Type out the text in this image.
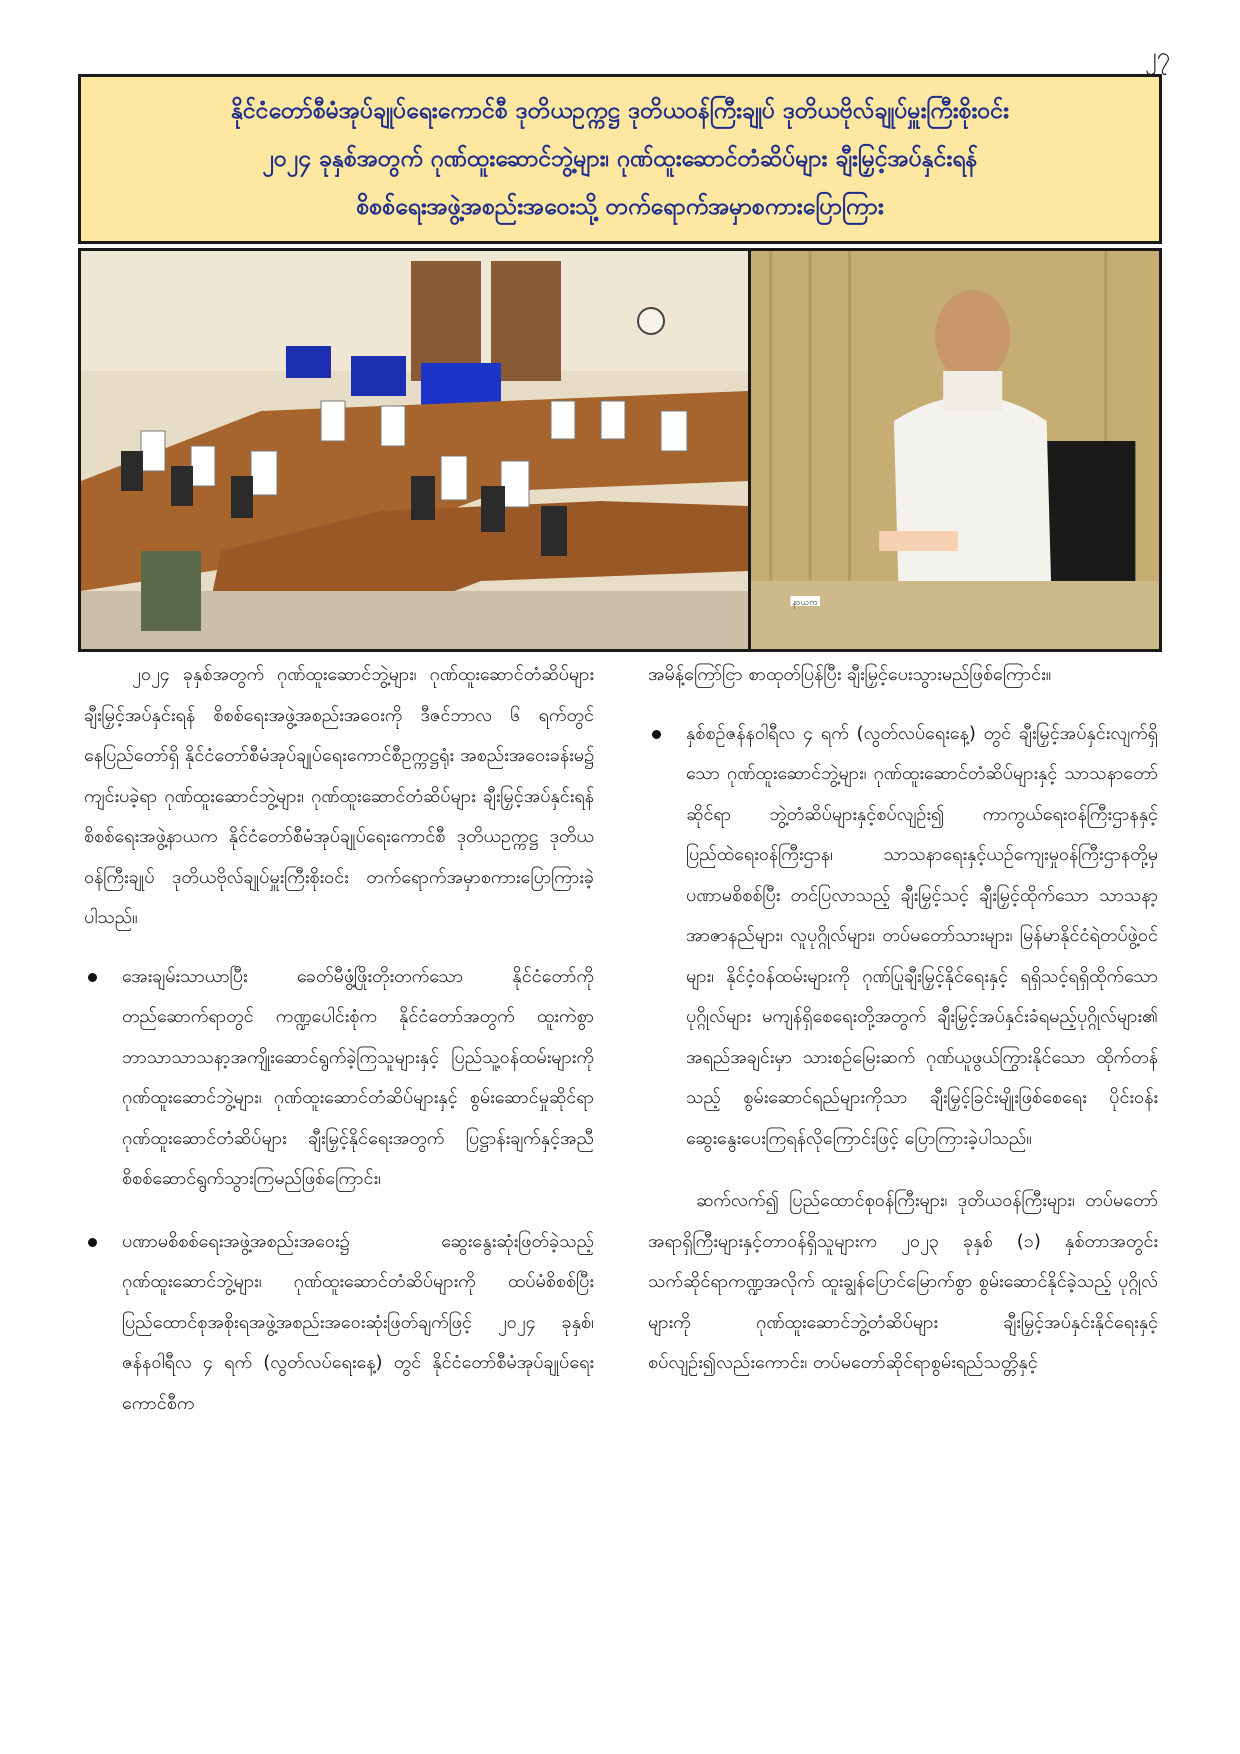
၂၇
နိုင်ငံတော်စီမံအုပ်ချုပ်ရေးကောင်စီ ဒုတိယဥက္ကဋ္ဌ ဒုတိယဝန်ကြီးချုပ် ဒုတိယဗိုလ်ချုပ်မှူးကြီးစိုးဝင်း
၂၀၂၄ ခုနှစ်အတွက် ဂုဏ်ထူးဆောင်ဘွဲ့များ၊ ဂုဏ်ထူးဆောင်တံဆိပ်များ ချီးမြှင့်အပ်နှင်းရန်
စိစစ်ရေးအဖွဲ့အစည်းအဝေးသို့ တက်ရောက်အမှာစကားပြောကြား
နာယက

၂၀၂၄ ခုနှစ်အတွက် ဂုဏ်ထူးဆောင်ဘွဲ့များ၊ ဂုဏ်ထူးဆောင်တံဆိပ်များ ချီးမြှင့်အပ်နှင်းရန် စိစစ်ရေးအဖွဲ့အစည်းအဝေးကို ဒီဇင်ဘာလ ၆ ရက်တွင် နေပြည်တော်ရှိ နိုင်ငံတော်စီမံအုပ်ချုပ်ရေးကောင်စီဥက္ကဋ္ဌရုံး အစည်းအဝေးခန်းမ၌ ကျင်းပခဲ့ရာ ဂုဏ်ထူးဆောင်ဘွဲ့များ၊ ဂုဏ်ထူးဆောင်တံဆိပ်များ ချီးမြှင့်အပ်နှင်းရန် စိစစ်ရေးအဖွဲ့နာယက နိုင်ငံတော်စီမံအုပ်ချုပ်ရေးကောင်စီ ဒုတိယဥက္ကဋ္ဌ ဒုတိယဝန်ကြီးချုပ် ဒုတိယဗိုလ်ချုပ်မှူးကြီးစိုးဝင်း တက်ရောက်အမှာစကားပြောကြားခဲ့ပါသည်။

အေးချမ်းသာယာပြီး ခေတ်မီဖွံ့ဖြိုးတိုးတက်သော နိုင်ငံတော်ကို တည်ဆောက်ရာတွင် ကဏ္ဍပေါင်းစုံက နိုင်ငံတော်အတွက် ထူးကဲစွာ ဘာသာသာသနာ့အကျိုးဆောင်ရွက်ခဲ့ကြသူများနှင့် ပြည်သူ့ဝန်ထမ်းများကို ဂုဏ်ထူးဆောင်ဘွဲ့များ၊ ဂုဏ်ထူးဆောင်တံဆိပ်များနှင့် စွမ်းဆောင်မှုဆိုင်ရာ ဂုဏ်ထူးဆောင်တံဆိပ်များ ချီးမြှင့်နိုင်ရေးအတွက် ပြဋ္ဌာန်းချက်နှင့်အညီ စိစစ်ဆောင်ရွက်သွားကြမည်ဖြစ်ကြောင်း၊

ပဏာမစိစစ်ရေးအဖွဲ့အစည်းအဝေး၌ ဆွေးနွေးဆုံးဖြတ်ခဲ့သည့် ဂုဏ်ထူးဆောင်ဘွဲ့များ၊ ဂုဏ်ထူးဆောင်တံဆိပ်များကို ထပ်မံစိစစ်ပြီး ပြည်ထောင်စုအစိုးရအဖွဲ့အစည်းအဝေးဆုံးဖြတ်ချက်ဖြင့် ၂၀၂၄ ခုနှစ်၊ ဇန်နဝါရီလ ၄ ရက် (လွတ်လပ်ရေးနေ့) တွင် နိုင်ငံတော်စီမံအုပ်ချုပ်ရေးကောင်စီက

အမိန့်ကြော်ငြာ စာထုတ်ပြန်ပြီး ချီးမြှင့်ပေးသွားမည်ဖြစ်ကြောင်း။

နှစ်စဉ်ဇန်နဝါရီလ ၄ ရက် (လွတ်လပ်ရေးနေ့) တွင် ချီးမြှင့်အပ်နှင်းလျက်ရှိသော ဂုဏ်ထူးဆောင်ဘွဲ့များ၊ ဂုဏ်ထူးဆောင်တံဆိပ်များနှင့် သာသနာတော်ဆိုင်ရာ ဘွဲ့တံဆိပ်များနှင့်စပ်လျဉ်း၍ ကာကွယ်ရေးဝန်ကြီးဌာနနှင့် ပြည်ထဲရေးဝန်ကြီးဌာန၊ သာသနာရေးနှင့်ယဉ်ကျေးမှုဝန်ကြီးဌာနတို့မှ ပဏာမစိစစ်ပြီး တင်ပြလာသည့် ချီးမြှင့်သင့် ချီးမြှင့်ထိုက်သော သာသနာ့အာဇာနည်များ၊ လူပုဂ္ဂိုလ်များ၊ တပ်မတော်သားများ၊ မြန်မာနိုင်ငံရဲတပ်ဖွဲ့ဝင်များ၊ နိုင်ငံ့ဝန်ထမ်းများကို ဂုဏ်ပြုချီးမြှင့်နိုင်ရေးနှင့် ရရှိသင့်ရရှိထိုက်သောပုဂ္ဂိုလ်များ မကျန်ရှိစေရေးတို့အတွက် ချီးမြှင့်အပ်နှင်းခံရမည့်ပုဂ္ဂိုလ်များ၏ အရည်အချင်းမှာ သားစဉ်မြေးဆက် ဂုဏ်ယူဖွယ်ကြွားနိုင်သော ထိုက်တန်သည့် စွမ်းဆောင်ရည်များကိုသာ ချီးမြှင့်ခြင်းမျိုးဖြစ်စေရေး ပိုင်းဝန်းဆွေးနွေးပေးကြရန်လိုကြောင်းဖြင့် ပြောကြားခဲ့ပါသည်။

ဆက်လက်၍ ပြည်ထောင်စုဝန်ကြီးများ၊ ဒုတိယဝန်ကြီးများ၊ တပ်မတော်အရာရှိကြီးများနှင့်တာဝန်ရှိသူများက ၂၀၂၃ ခုနှစ် (၁) နှစ်တာအတွင်း သက်ဆိုင်ရာကဏ္ဍအလိုက် ထူးချွန်ပြောင်မြောက်စွာ စွမ်းဆောင်နိုင်ခဲ့သည့် ပုဂ္ဂိုလ်များကို ဂုဏ်ထူးဆောင်ဘွဲ့တံဆိပ်များ ချီးမြှင့်အပ်နှင်းနိုင်ရေးနှင့် စပ်လျဉ်း၍လည်းကောင်း၊ တပ်မတော်ဆိုင်ရာစွမ်းရည်သတ္တိနှင့်
